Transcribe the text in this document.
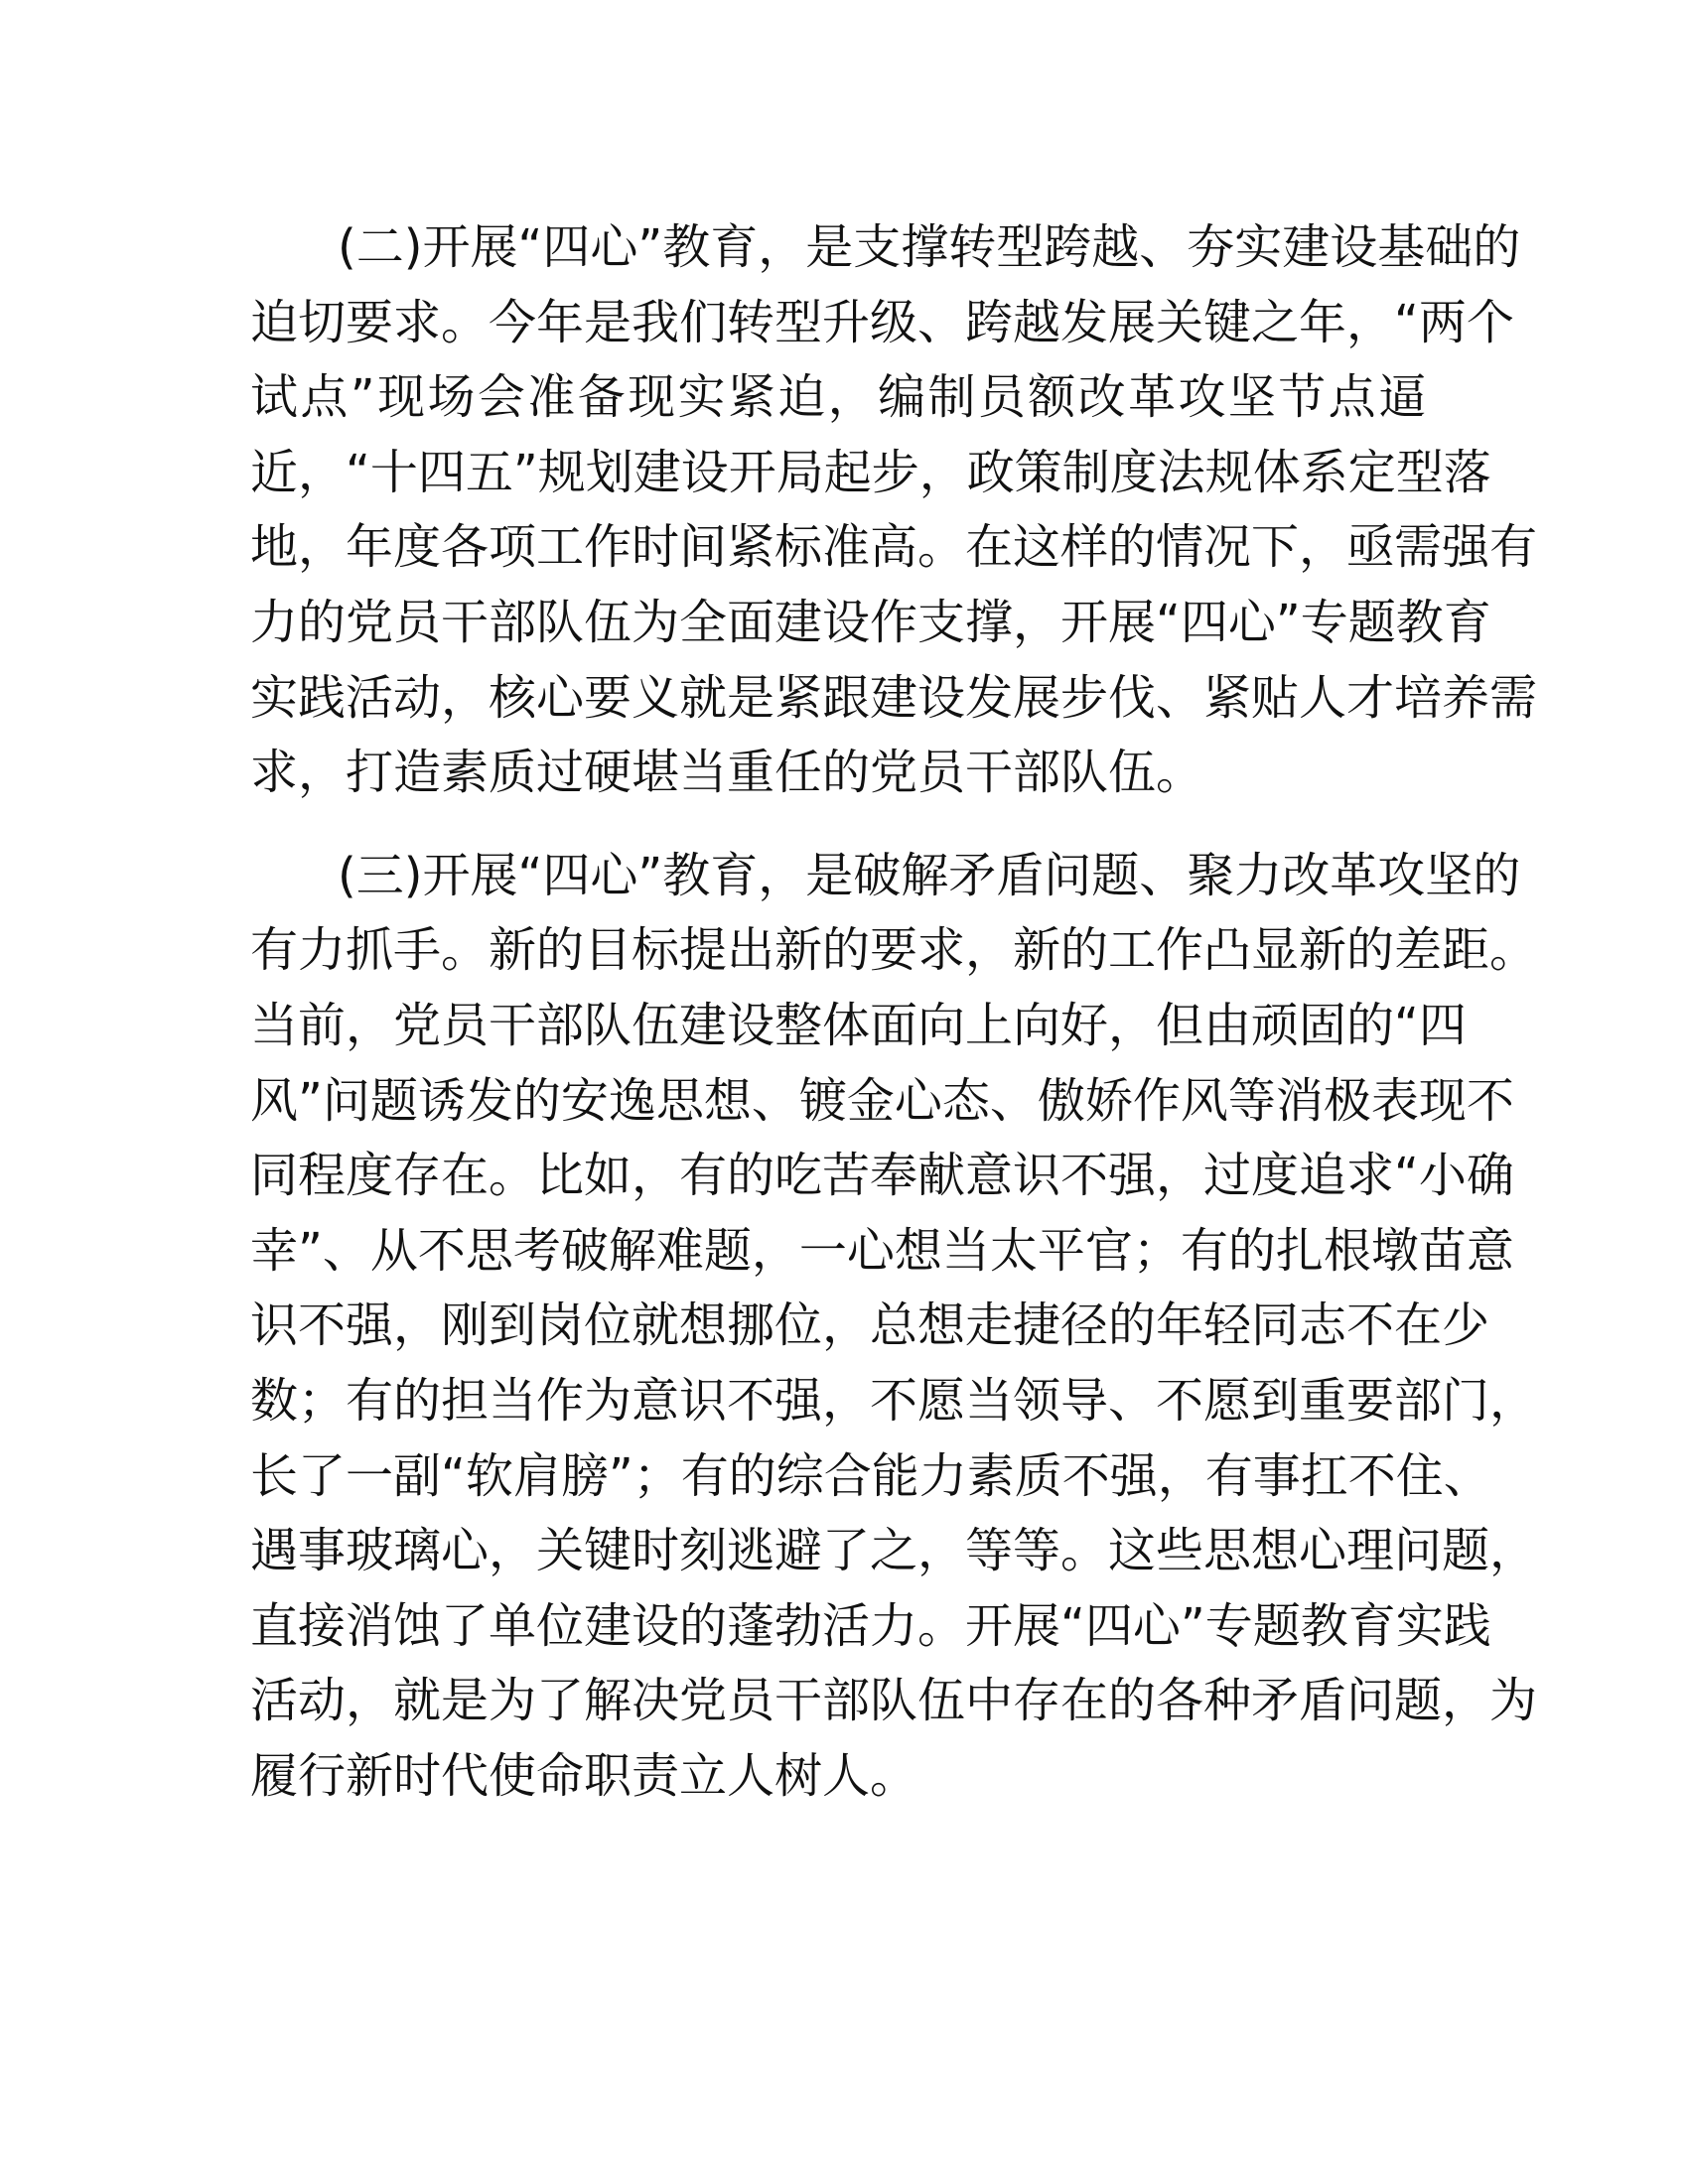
(二)开展“四心”教育，是支撑转型跨越、夯实建设基础的
迫切要求。今年是我们转型升级、跨越发展关键之年，“两个
试点”现场会准备现实紧迫，编制员额改革攻坚节点逼
近，“十四五”规划建设开局起步，政策制度法规体系定型落
地，年度各项工作时间紧标准高。在这样的情况下，亟需强有
力的党员干部队伍为全面建设作支撑，开展“四心”专题教育
实践活动，核心要义就是紧跟建设发展步伐、紧贴人才培养需
求，打造素质过硬堪当重任的党员干部队伍。
(三)开展“四心”教育，是破解矛盾问题、聚力改革攻坚的
有力抓手。新的目标提出新的要求，新的工作凸显新的差距。
当前，党员干部队伍建设整体面向上向好，但由顽固的“四
风”问题诱发的安逸思想、镀金心态、傲娇作风等消极表现不
同程度存在。比如，有的吃苦奉献意识不强，过度追求“小确
幸”、从不思考破解难题，一心想当太平官；有的扎根墩苗意
识不强，刚到岗位就想挪位，总想走捷径的年轻同志不在少
数；有的担当作为意识不强，不愿当领导、不愿到重要部门，
长了一副“软肩膀”；有的综合能力素质不强，有事扛不住、
遇事玻璃心，关键时刻逃避了之，等等。这些思想心理问题，
直接消蚀了单位建设的蓬勃活力。开展“四心”专题教育实践
活动，就是为了解决党员干部队伍中存在的各种矛盾问题，为
履行新时代使命职责立人树人。
